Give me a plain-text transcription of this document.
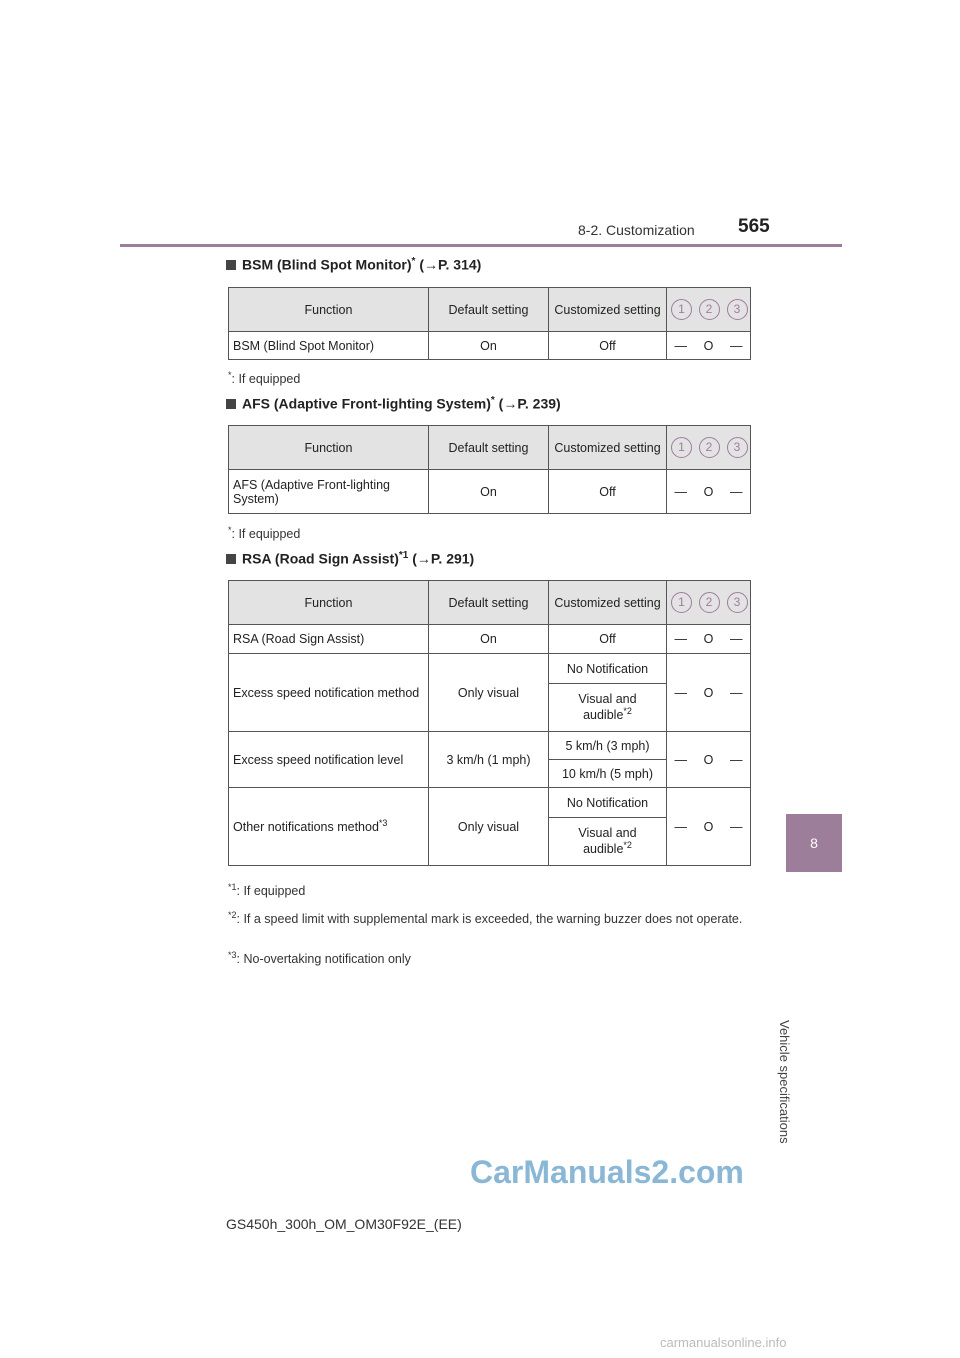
8-2. Customization 565
8
Vehicle specifications
BSM (Blind Spot Monitor)* (→P. 314)
Function	Default setting	Customized setting	1	2	3
BSM (Blind Spot Monitor)	On	Off	—	O	—
*: If equipped
AFS (Adaptive Front-lighting System)* (→P. 239)
Function	Default setting	Customized setting	1	2	3
AFS (Adaptive Front-lighting System)	On	Off	—	O	—
*: If equipped
RSA (Road Sign Assist)$^{*1}$ (→P. 291)
Function	Default setting	Customized setting	1	2	3
RSA (Road Sign Assist)	On	Off	—	O	—
Excess speed notification method	Only visual	No Notification	—	O	—
		Visual and audible$^{*2}$
Excess speed notification level	3 km/h (1 mph)	5 km/h (3 mph)	—	O	—
		10 km/h (5 mph)			
Other notifications method$^{*3}$	Only visual	No Notification	—	O	—
		Visual and audible$^{*2}$
$^{*1}$: If equipped
$^{*2}$: If a speed limit with supplemental mark is exceeded, the warning buzzer does not operate.
$^{*3}$: No-overtaking notification only
GS450h_300h_OM_OM30F92E_(EE)
CarManuals2.com
carmanualsonline.info
